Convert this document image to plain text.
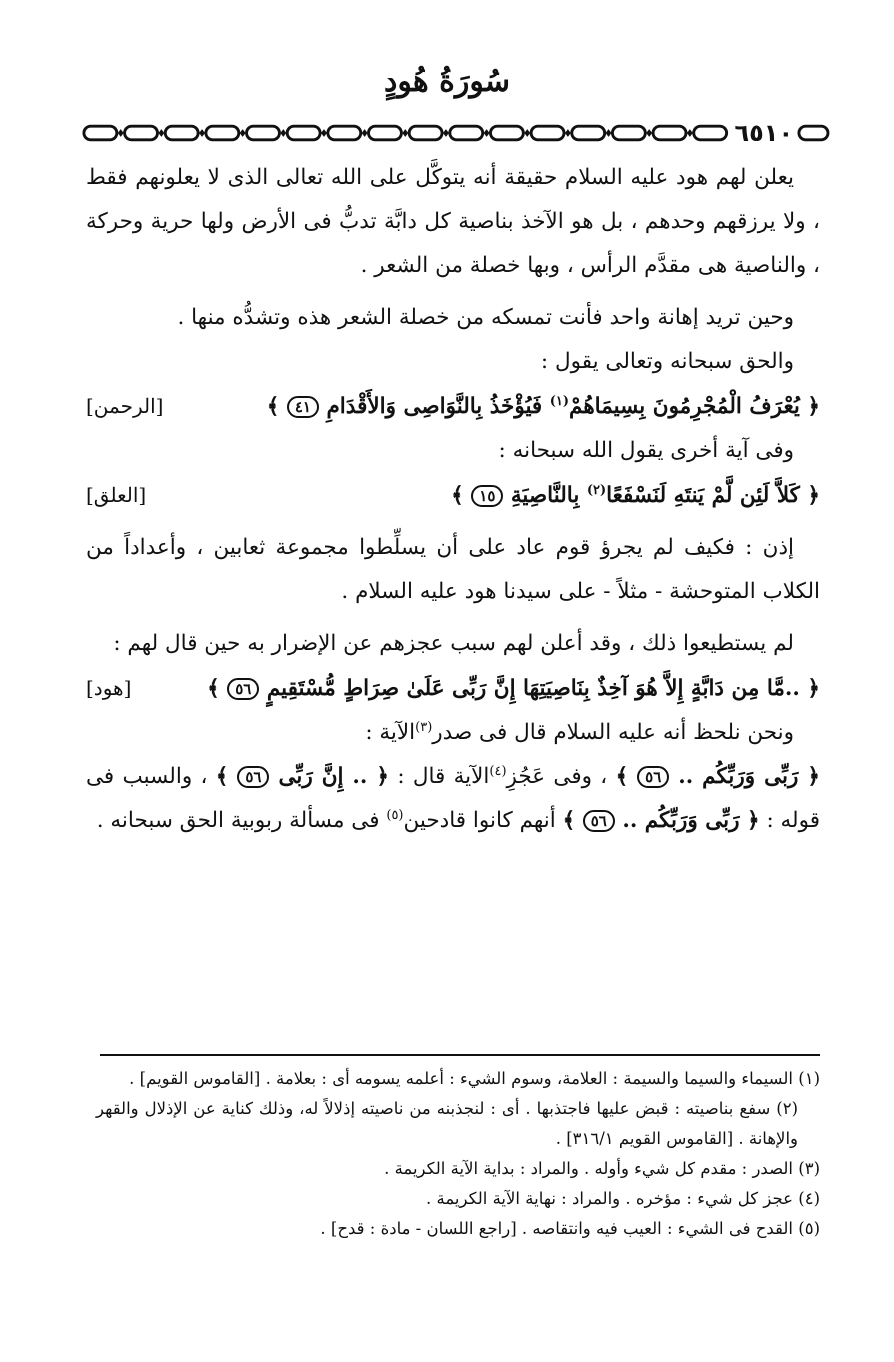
سُورَةُ هُودٍ
٦٥١٠

يعلن لهم هود عليه السلام حقيقة أنه يتوكَّل على الله تعالى الذى لا يعلونهم فقط ، ولا يرزقهم وحدهم ، بل هو الآخذ بناصية كل دابَّة تدبُّ فى الأرض ولها حرية وحركة ، والناصية هى مقدَّم الرأس ، وبها خصلة من الشعر .

وحين تريد إهانة واحد فأنت تمسكه من خصلة الشعر هذه وتشدُّه منها .

والحق سبحانه وتعالى يقول :

﴿ يُعْرَفُ الْمُجْرِمُونَ بِسِيمَاهُمْ$^{(١)}$ فَيُؤْخَذُ بِالنَّوَاصِى وَالأَقْدَامِ ٤١ ﴾
[الرحمن]

وفى آية أخرى يقول الله سبحانه :

﴿ كَلاَّ لَئِن لَّمْ يَنتَهِ لَنَسْفَعًا$^{(٢)}$ بِالنَّاصِيَةِ ١٥ ﴾
[العلق]

إذن : فكيف لم يجرؤ قوم عاد على أن يسلِّطوا مجموعة ثعابين ، وأعداداً من الكلاب المتوحشة - مثلاً - على سيدنا هود عليه السلام .

لم يستطيعوا ذلك ، وقد أعلن لهم سبب عجزهم عن الإضرار به حين قال لهم :

﴿ ..مَّا مِن دَابَّةٍ إِلاَّ هُوَ آخِذٌ بِنَاصِيَتِهَا إِنَّ رَبِّى عَلَىٰ صِرَاطٍ مُّسْتَقِيمٍ ٥٦ ﴾
[هود]

ونحن نلحظ أنه عليه السلام قال فى صدر$^{(٣)}$الآية :

﴿ رَبِّى وَرَبِّكُم .. ٥٦ ﴾ ، وفى عَجُزِ$^{(٤)}$الآية قال : ﴿ .. إِنَّ رَبِّى ٥٦ ﴾ ، والسبب فى قوله : ﴿ رَبِّى وَرَبِّكُم .. ٥٦ ﴾ أنهم كانوا قادحين$^{(٥)}$ فى مسألة ربوبية الحق سبحانه .

(١) السيماء والسيما والسيمة : العلامة، وسوم الشيء : أعلمه يسومه أى : بعلامة . [القاموس القويم] .

(٢) سفع بناصيته : قبض عليها فاجتذبها . أى : لنجذبنه من ناصيته إذلالاً له، وذلك كناية عن الإذلال والقهر والإهانة . [القاموس القويم ٣١٦/١] .

(٣) الصدر : مقدم كل شيء وأوله . والمراد : بداية الآية الكريمة .

(٤) عجز كل شيء : مؤخره . والمراد : نهاية الآية الكريمة .

(٥) القدح فى الشيء : العيب فيه وانتقاصه . [راجع اللسان - مادة : قدح] .
